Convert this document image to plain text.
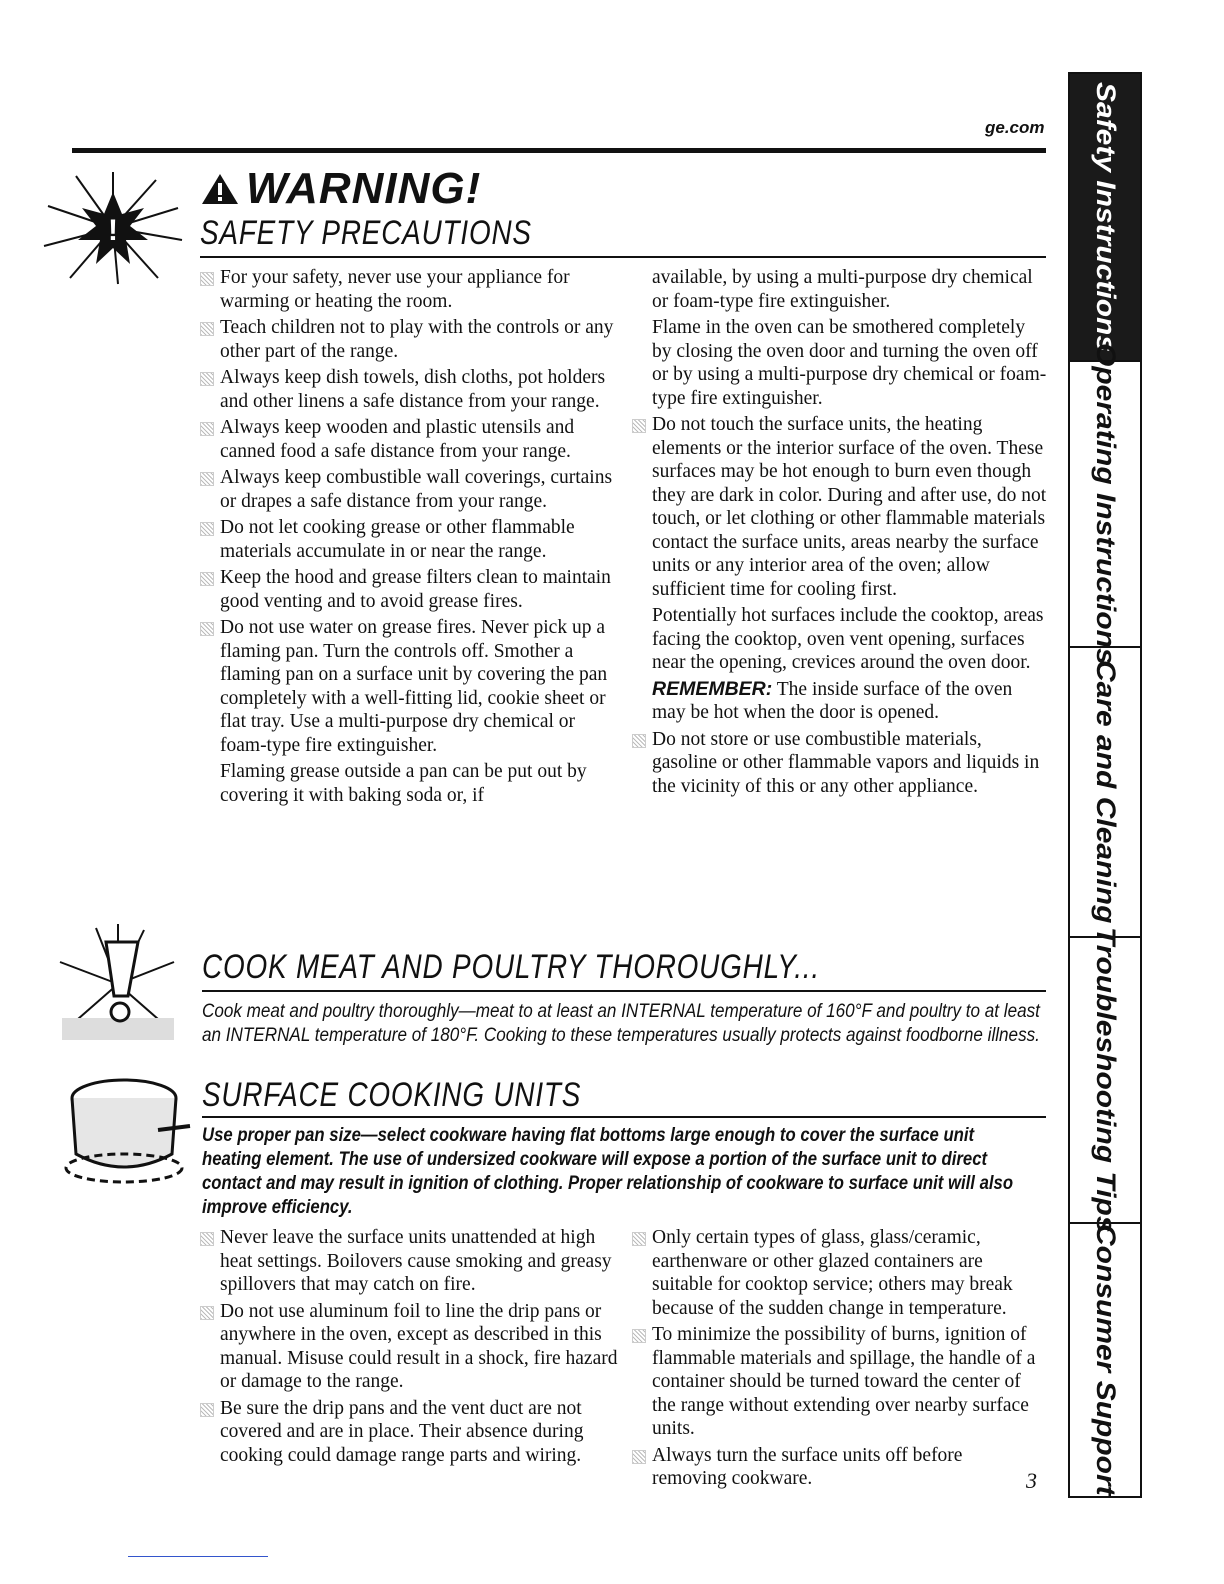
ge.com
!
WARNING!
SAFETY PRECAUTIONS
For your safety, never use your appliance for warming or heating the room.
Teach children not to play with the controls or any other part of the range.
Always keep dish towels, dish cloths, pot holders and other linens a safe distance from your range.
Always keep wooden and plastic utensils and canned food a safe distance from your range.
Always keep combustible wall coverings, curtains or drapes a safe distance from your range.
Do not let cooking grease or other flammable materials accumulate in or near the range.
Keep the hood and grease filters clean to maintain good venting and to avoid grease fires.
Do not use water on grease fires. Never pick up a flaming pan. Turn the controls off. Smother a flaming pan on a surface unit by covering the pan completely with a well-fitting lid, cookie sheet or flat tray. Use a multi-purpose dry chemical or foam-type fire extinguisher.
Flaming grease outside a pan can be put out by covering it with baking soda or, if
available, by using a multi-purpose dry chemical or foam-type fire extinguisher.
Flame in the oven can be smothered completely by closing the oven door and turning the oven off or by using a multi-purpose dry chemical or foam-type fire extinguisher.
Do not touch the surface units, the heating elements or the interior surface of the oven. These surfaces may be hot enough to burn even though they are dark in color. During and after use, do not touch, or let clothing or other flammable materials contact the surface units, areas nearby the surface units or any interior area of the oven; allow sufficient time for cooling first.
Potentially hot surfaces include the cooktop, areas facing the cooktop, oven vent opening, surfaces near the opening, crevices around the oven door.
REMEMBER: The inside surface of the oven may be hot when the door is opened.
Do not store or use combustible materials, gasoline or other flammable vapors and liquids in the vicinity of this or any other appliance.
COOK MEAT AND POULTRY THOROUGHLY...
Cook meat and poultry thoroughly—meat to at least an INTERNAL temperature of 160°F and poultry to at least
an INTERNAL temperature of 180°F. Cooking to these temperatures usually protects against foodborne illness.
SURFACE COOKING UNITS
Use proper pan size—select cookware having flat bottoms large enough to cover the surface unit
heating element. The use of undersized cookware will expose a portion of the surface unit to direct
contact and may result in ignition of clothing. Proper relationship of cookware to surface unit will also
improve efficiency.
Never leave the surface units unattended at high heat settings. Boilovers cause smoking and greasy spillovers that may catch on fire.
Do not use aluminum foil to line the drip pans or anywhere in the oven, except as described in this manual. Misuse could result in a shock, fire hazard or damage to the range.
Be sure the drip pans and the vent duct are not covered and are in place. Their absence during cooking could damage range parts and wiring.
Only certain types of glass, glass/ceramic, earthenware or other glazed containers are suitable for cooktop service; others may break because of the sudden change in temperature.
To minimize the possibility of burns, ignition of flammable materials and spillage, the handle of a container should be turned toward the center of the range without extending over nearby surface units.
Always turn the surface units off before removing cookware.	3
Safety Instructions
Operating Instructions
Care and Cleaning
Troubleshooting Tips
Consumer Support
